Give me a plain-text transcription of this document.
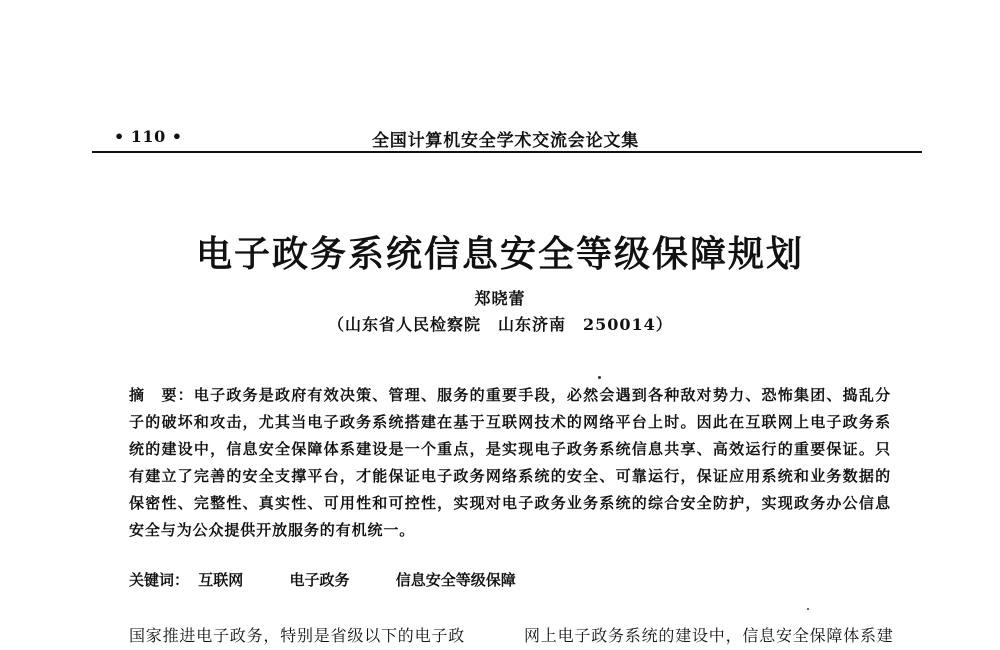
• 110 •	全国计算机安全学术交流会论文集
电子政务系统信息安全等级保障规划
郑晓蕾
（山东省人民检察院　山东济南　250014）
摘　要：电子政务是政府有效决策、管理、服务的重要手段，必然会遇到各种敌对势力、恐怖集团、捣乱分子的破坏和攻击，尤其当电子政务系统搭建在基于互联网技术的网络平台上时。因此在互联网上电子政务系统的建设中，信息安全保障体系建设是一个重点，是实现电子政务系统信息共享、高效运行的重要保证。只有建立了完善的安全支撑平台，才能保证电子政务网络系统的安全、可靠运行，保证应用系统和业务数据的保密性、完整性、真实性、可用性和可控性，实现对电子政务业务系统的综合安全防护，实现政务办公信息安全与为公众提供开放服务的有机统一。
关键词： 互联网	电子政务	信息安全等级保障
国家推进电子政务，特别是省级以下的电子政	网上电子政务系统的建设中，信息安全保障体系建
